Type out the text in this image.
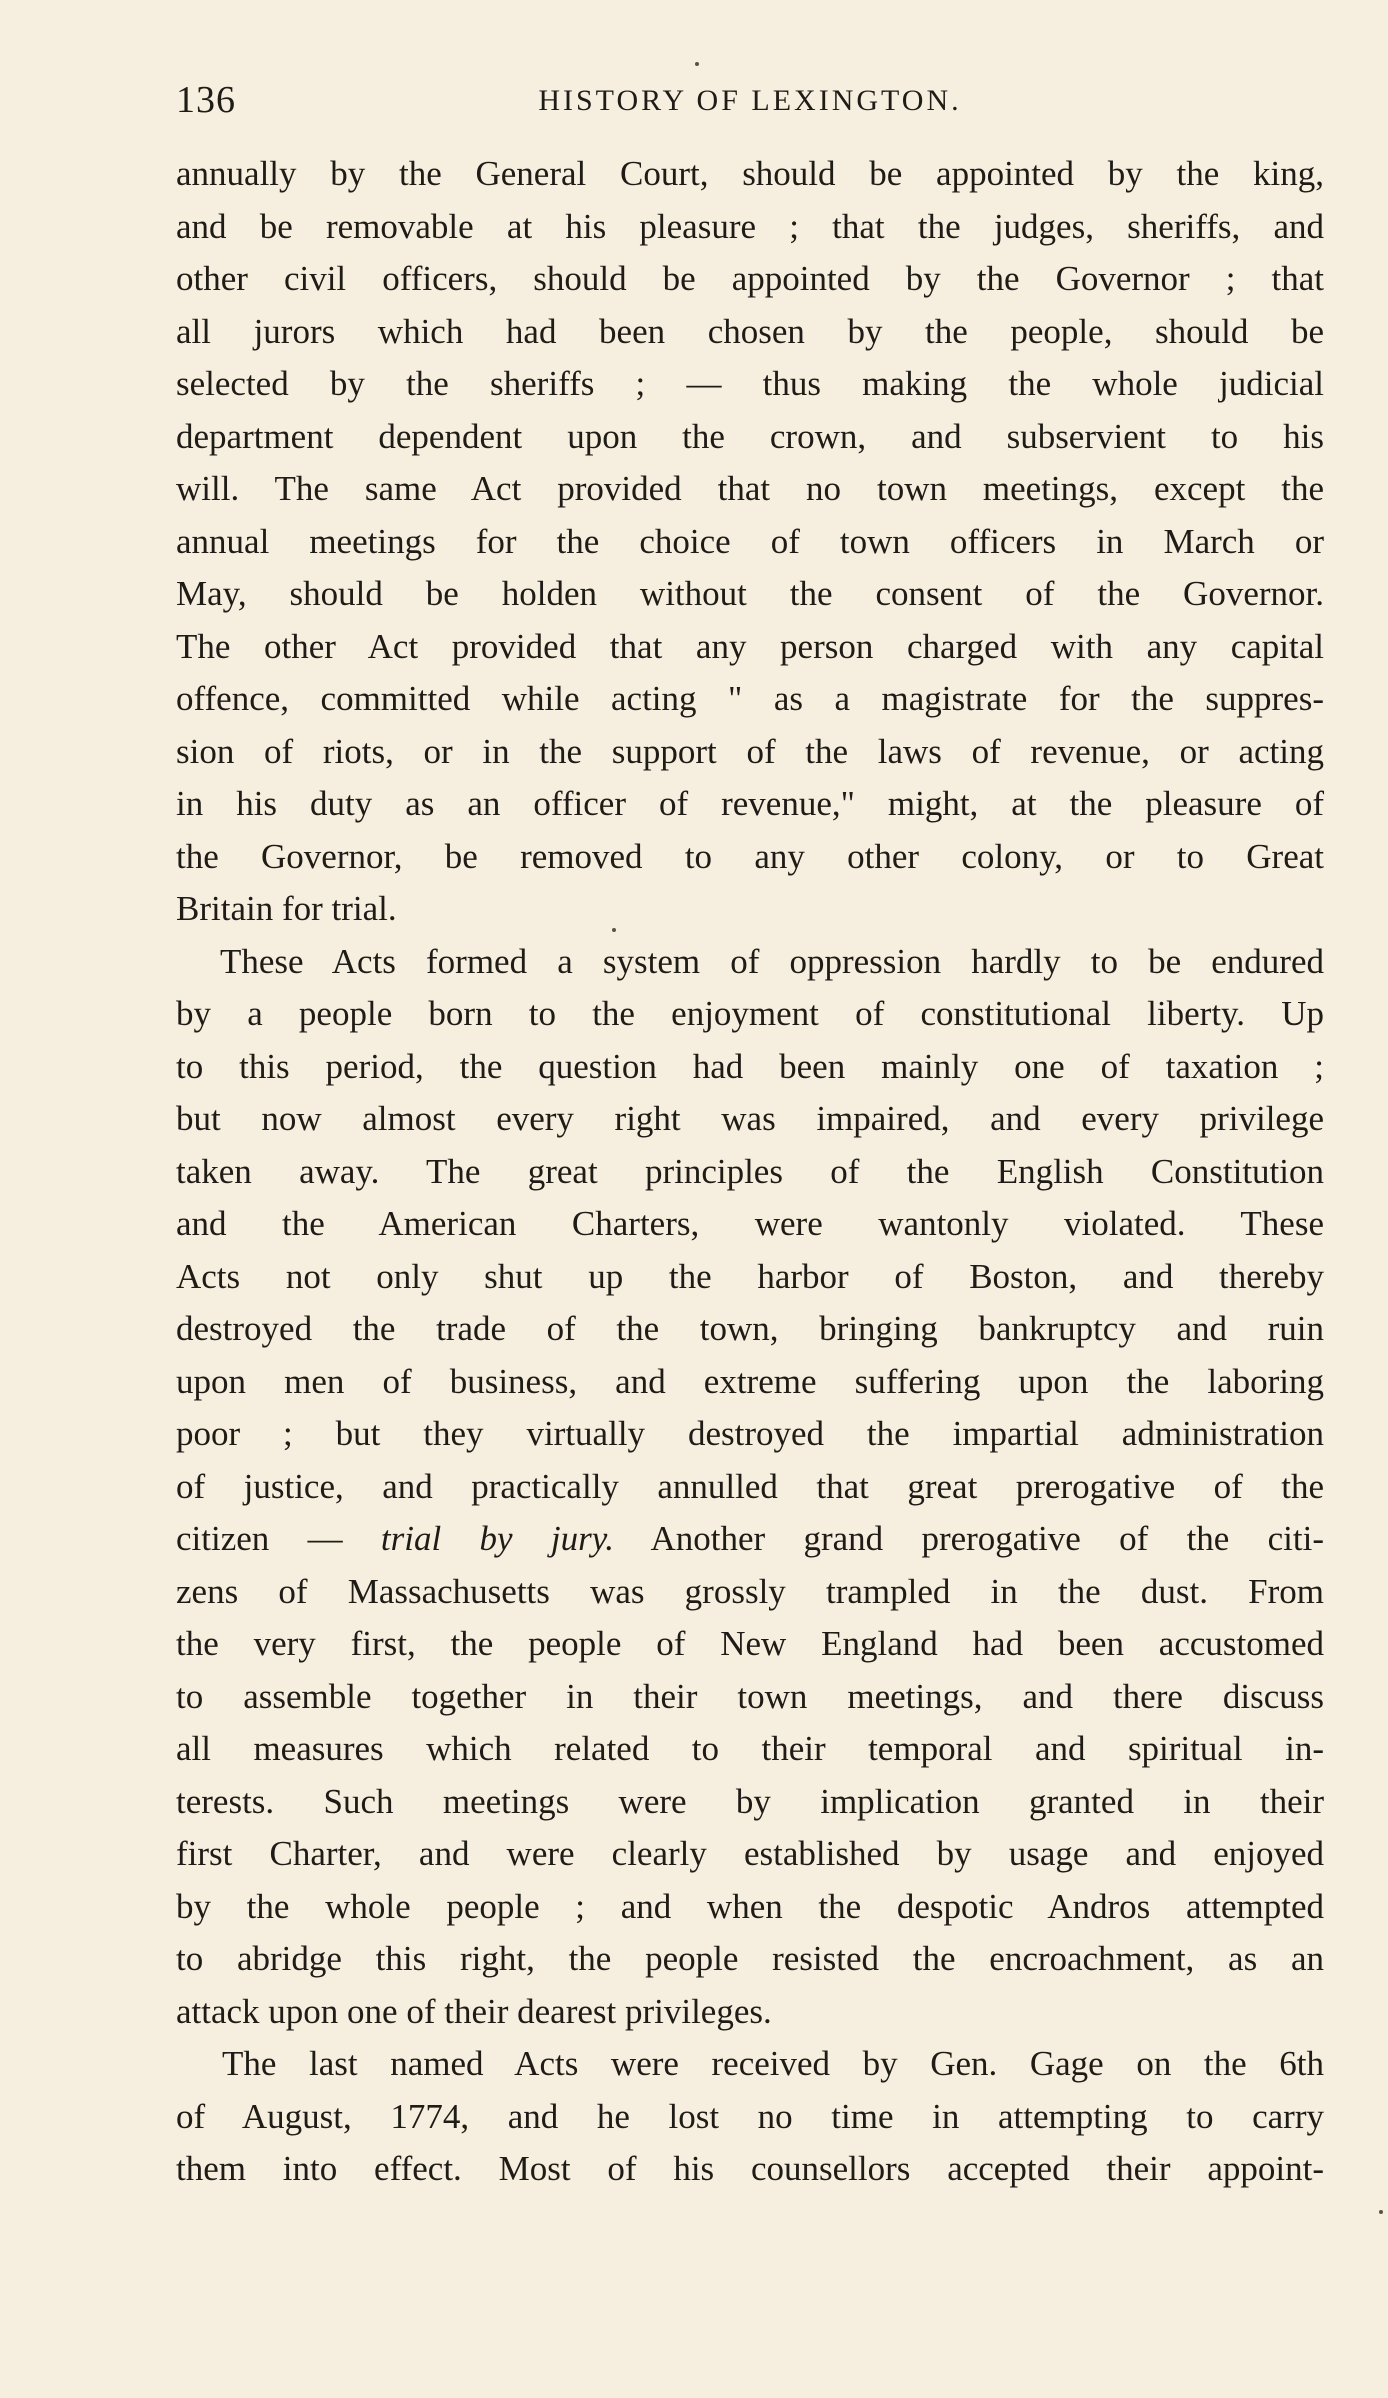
136	HISTORY OF LEXINGTON.
annually by the General Court, should be appointed by the king,
and be removable at his pleasure ; that the judges, sheriffs, and
other civil officers, should be appointed by the Governor ; that
all jurors which had been chosen by the people, should be
selected by the sheriffs ; — thus making the whole judicial
department dependent upon the crown, and subservient to his
will. The same Act provided that no town meetings, except the
annual meetings for the choice of town officers in March or
May, should be holden without the consent of the Governor.
The other Act provided that any person charged with any capital
offence, committed while acting " as a magistrate for the suppres-
sion of riots, or in the support of the laws of revenue, or acting
in his duty as an officer of revenue," might, at the pleasure of
the Governor, be removed to any other colony, or to Great
Britain for trial.
These Acts formed a system of oppression hardly to be endured
by a people born to the enjoyment of constitutional liberty. Up
to this period, the question had been mainly one of taxation ;
but now almost every right was impaired, and every privilege
taken away. The great principles of the English Constitution
and the American Charters, were wantonly violated. These
Acts not only shut up the harbor of Boston, and thereby
destroyed the trade of the town, bringing bankruptcy and ruin
upon men of business, and extreme suffering upon the laboring
poor ; but they virtually destroyed the impartial administration
of justice, and practically annulled that great prerogative of the
citizen — trial by jury. Another grand prerogative of the citi-
zens of Massachusetts was grossly trampled in the dust. From
the very first, the people of New England had been accustomed
to assemble together in their town meetings, and there discuss
all measures which related to their temporal and spiritual in-
terests. Such meetings were by implication granted in their
first Charter, and were clearly established by usage and enjoyed
by the whole people ; and when the despotic Andros attempted
to abridge this right, the people resisted the encroachment, as an
attack upon one of their dearest privileges.
The last named Acts were received by Gen. Gage on the 6th
of August, 1774, and he lost no time in attempting to carry
them into effect. Most of his counsellors accepted their appoint-
